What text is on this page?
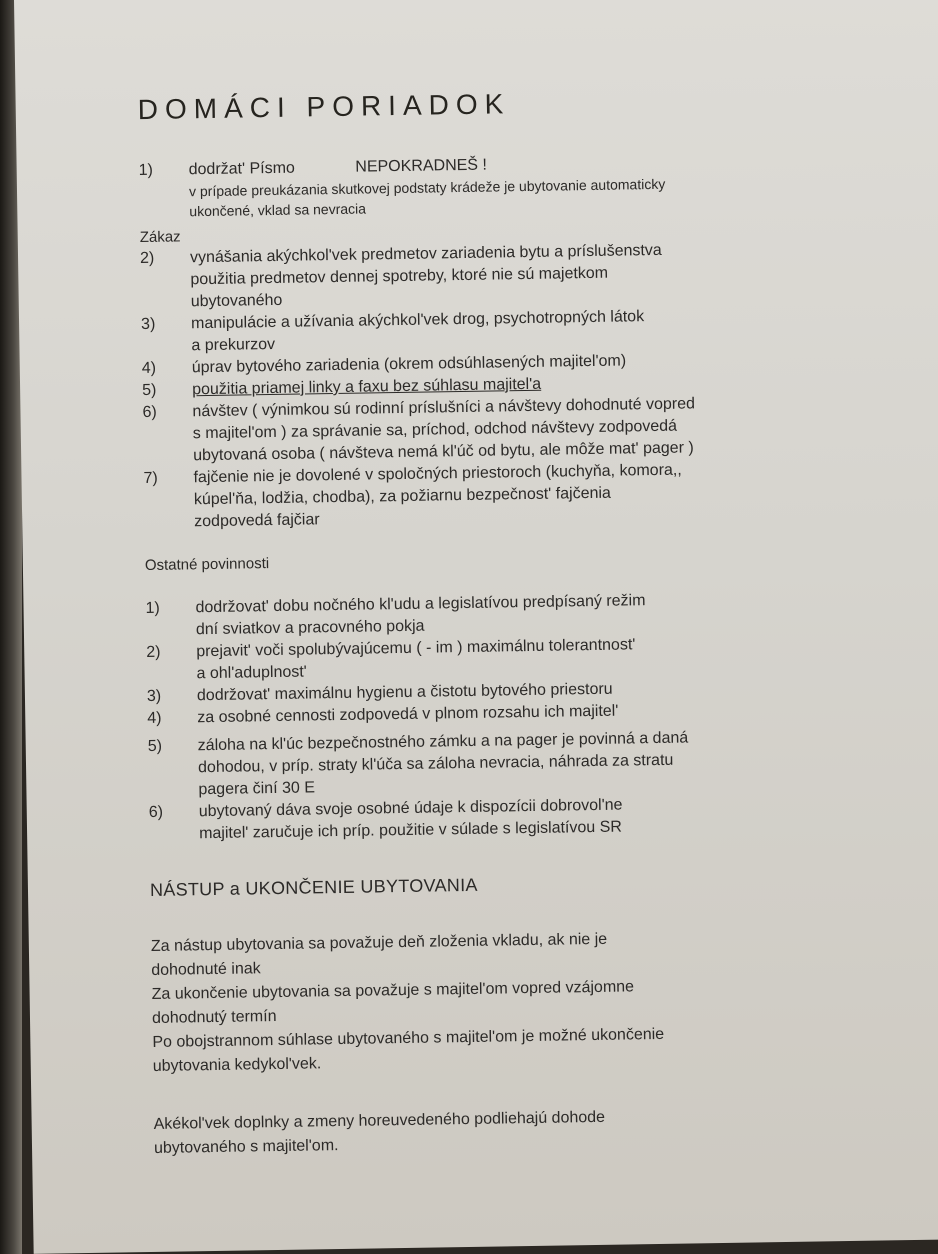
DOMÁCI PORIADOK
1)	dodržat' Písmo	NEPOKRADNEŠ !
v prípade preukázania skutkovej podstaty krádeže je ubytovanie automaticky
ukončené, vklad sa nevracia
Zákaz
2)	vynášania akýchkol'vek predmetov zariadenia bytu a príslušenstva
použitia predmetov dennej spotreby, ktoré nie sú majetkom
ubytovaného
3)	manipulácie a užívania akýchkol'vek drog, psychotropných látok
a prekurzov
4)	úprav bytového zariadenia (okrem odsúhlasených majitel'om)
5)	použitia priamej linky a faxu bez súhlasu majitel'a
6)	návštev ( výnimkou sú rodinní príslušníci a návštevy dohodnuté vopred
s majitel'om ) za správanie sa, príchod, odchod návštevy zodpovedá
ubytovaná osoba ( návšteva nemá kl'úč od bytu, ale môže mat' pager )
7)	fajčenie nie je dovolené v spoločných priestoroch (kuchyňa, komora,,
kúpel'ňa, lodžia, chodba), za požiarnu bezpečnost' fajčenia
zodpovedá fajčiar
Ostatné povinnosti
1)	dodržovat' dobu nočného kl'udu a legislatívou predpísaný režim
dní sviatkov a pracovného pokja
2)	prejavit' voči spolubývajúcemu ( - im ) maximálnu tolerantnost'
a ohl'aduplnost'
3)	dodržovat' maximálnu hygienu a čistotu bytového priestoru
4)	za osobné cennosti zodpovedá v plnom rozsahu ich majitel'
5)	záloha na kl'úc bezpečnostného zámku a na pager je povinná a daná
dohodou, v príp. straty kl'úča sa záloha nevracia, náhrada za stratu
pagera činí 30 E
6)	ubytovaný dáva svoje osobné údaje k dispozícii dobrovol'ne
majitel' zaručuje ich príp. použitie v súlade s legislatívou SR
NÁSTUP a UKONČENIE UBYTOVANIA
Za nástup ubytovania sa považuje deň zloženia vkladu, ak nie je
dohodnuté inak
Za ukončenie ubytovania sa považuje s majitel'om vopred vzájomne
dohodnutý termín
Po obojstrannom súhlase ubytovaného s majitel'om je možné ukončenie
ubytovania kedykol'vek.
Akékol'vek doplnky a zmeny horeuvedeného podliehajú dohode
ubytovaného s majitel'om.
